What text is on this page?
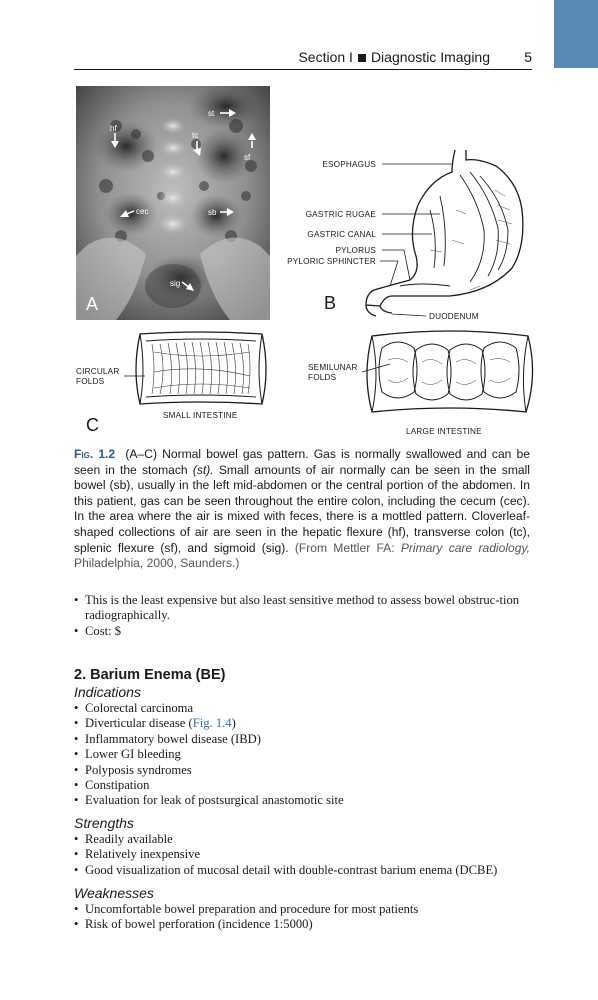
Section I Diagnostic Imaging 5
st
hf
tc
sf
cec	sb
sig
A
ESOPHAGUS
GASTRIC RUGAE
GASTRIC CANAL
PYLORUS
PYLORIC SPHINCTER
DUODENUM
B
CIRCULAR
FOLDS
SMALL INTESTINE
C
SEMILUNAR
FOLDS
LARGE INTESTINE
Fig. 1.2 (A–C) Normal bowel gas pattern. Gas is normally swallowed and can be seen in the stomach (st). Small amounts of air normally can be seen in the small bowel (sb), usually in the left mid-abdomen or the central portion of the abdomen. In this patient, gas can be seen throughout the entire colon, including the cecum (cec). In the area where the air is mixed with feces, there is a mottled pattern. Cloverleaf-shaped collections of air are seen in the hepatic flexure (hf), transverse colon (tc), splenic flexure (sf), and sigmoid (sig). (From Mettler FA: Primary care radiology, Philadelphia, 2000, Saunders.)
• This is the least expensive but also least sensitive method to assess bowel obstruc-tion radiographically.
• Cost: $
2. Barium Enema (BE)
Indications
• Colorectal carcinoma
• Diverticular disease (Fig. 1.4)
• Inflammatory bowel disease (IBD)
• Lower GI bleeding
• Polyposis syndromes
• Constipation
• Evaluation for leak of postsurgical anastomotic site
Strengths
• Readily available
• Relatively inexpensive
• Good visualization of mucosal detail with double-contrast barium enema (DCBE)
Weaknesses
• Uncomfortable bowel preparation and procedure for most patients
• Risk of bowel perforation (incidence 1:5000)
